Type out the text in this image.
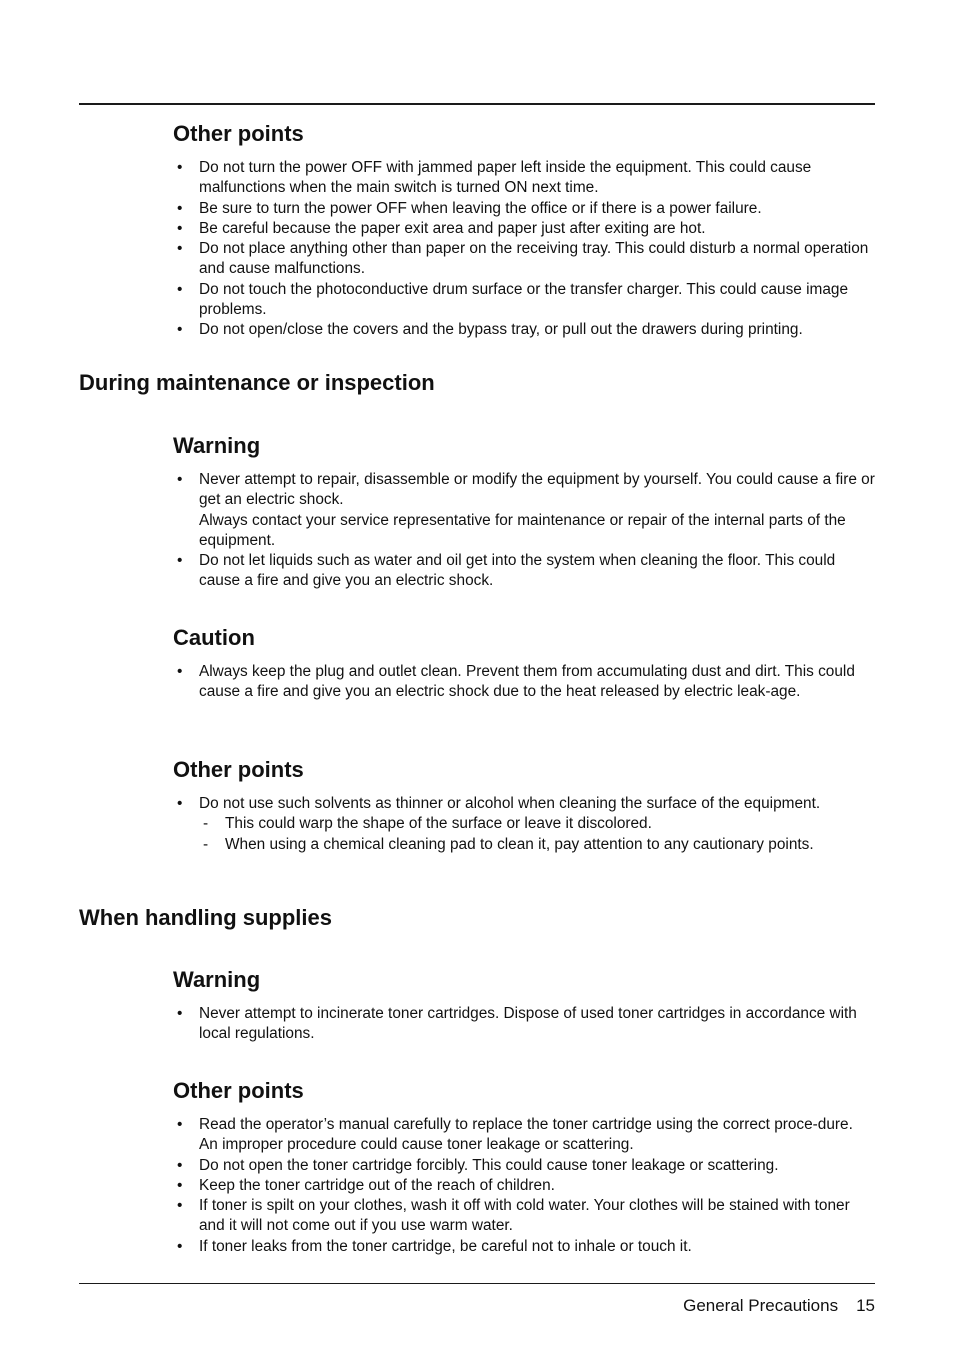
Other points
• Do not turn the power OFF with jammed paper left inside the equipment. This could cause malfunctions when the main switch is turned ON next time.
• Be sure to turn the power OFF when leaving the office or if there is a power failure.
• Be careful because the paper exit area and paper just after exiting are hot.
• Do not place anything other than paper on the receiving tray. This could disturb a normal operation and cause malfunctions.
• Do not touch the photoconductive drum surface or the transfer charger. This could cause image problems.
• Do not open/close the covers and the bypass tray, or pull out the drawers during printing.
During maintenance or inspection
Warning
• Never attempt to repair, disassemble or modify the equipment by yourself. You could cause a fire or get an electric shock.
Always contact your service representative for maintenance or repair of the internal parts of the equipment.
• Do not let liquids such as water and oil get into the system when cleaning the floor. This could cause a fire and give you an electric shock.
Caution
• Always keep the plug and outlet clean. Prevent them from accumulating dust and dirt. This could cause a fire and give you an electric shock due to the heat released by electric leak-age.
Other points
• Do not use such solvents as thinner or alcohol when cleaning the surface of the equipment.
- This could warp the shape of the surface or leave it discolored.
- When using a chemical cleaning pad to clean it, pay attention to any cautionary points.
When handling supplies
Warning
• Never attempt to incinerate toner cartridges. Dispose of used toner cartridges in accordance with local regulations.
Other points
• Read the operator’s manual carefully to replace the toner cartridge using the correct proce-dure. An improper procedure could cause toner leakage or scattering.
• Do not open the toner cartridge forcibly. This could cause toner leakage or scattering.
• Keep the toner cartridge out of the reach of children.
• If toner is spilt on your clothes, wash it off with cold water. Your clothes will be stained with toner and it will not come out if you use warm water.
• If toner leaks from the toner cartridge, be careful not to inhale or touch it.
General Precautions 15
